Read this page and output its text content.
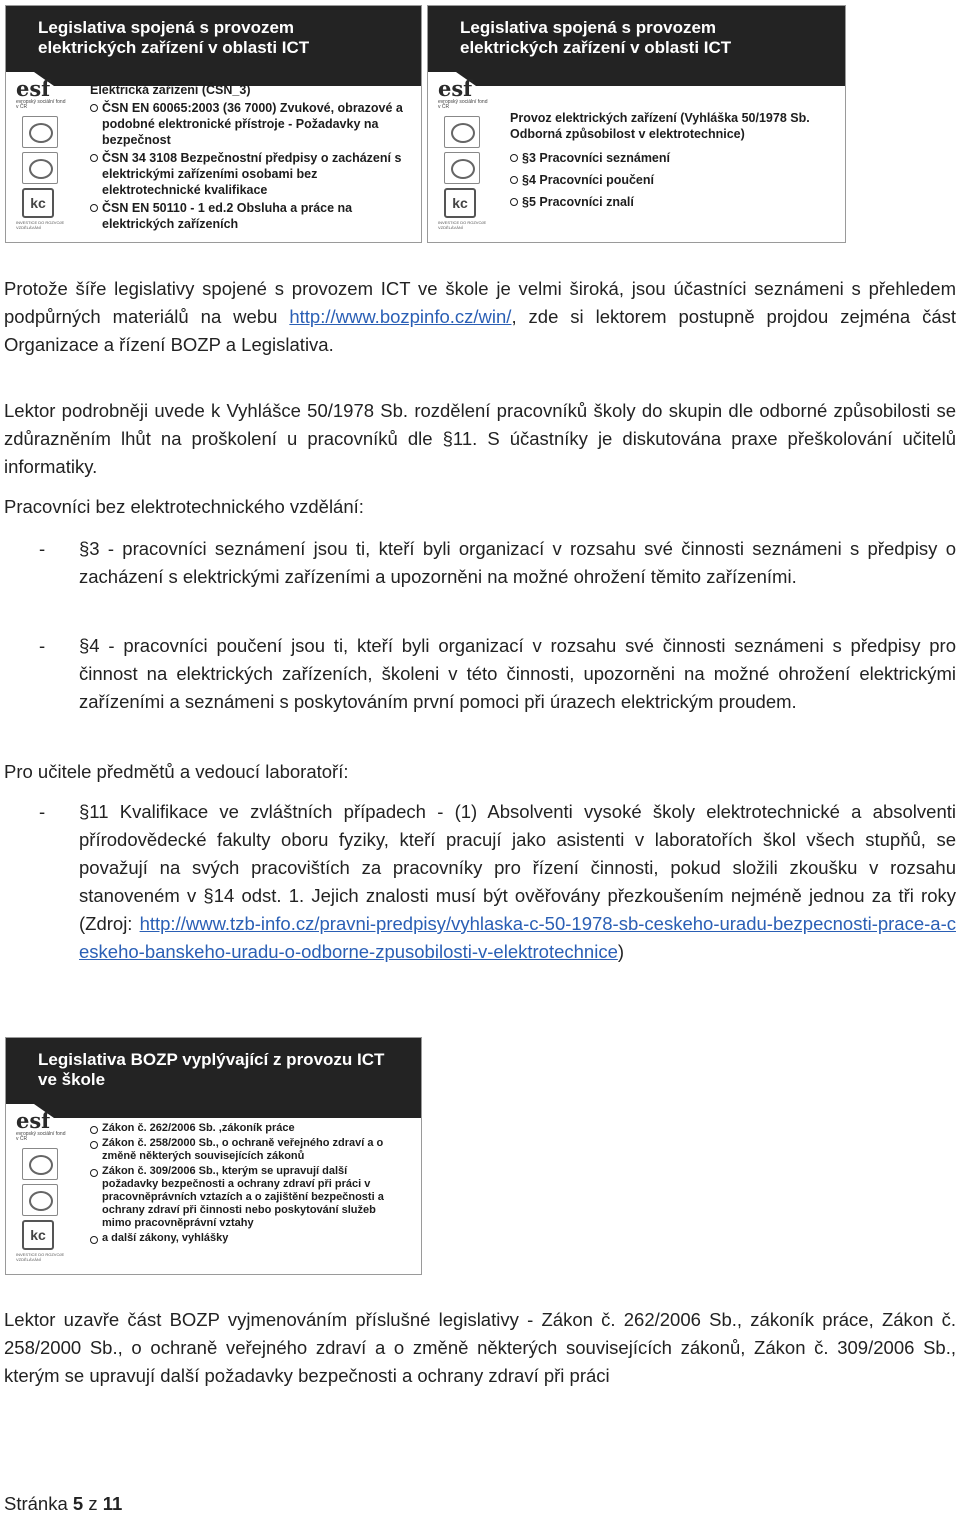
Legislativa spojená s provozem elektrických zařízení v oblasti ICT
esf
evropský sociální fond v ČR
kc
INVESTICE DO ROZVOJE VZDĚLÁVÁNÍ
Elektrická zařízení (ČSN_3)
ČSN EN 60065:2003 (36 7000) Zvukové, obrazové a podobné elektronické přístroje - Požadavky na bezpečnost
ČSN 34 3108 Bezpečnostní předpisy o zacházení s elektrickými zařízeními osobami bez elektrotechnické kvalifikace
ČSN EN 50110 - 1 ed.2 Obsluha a práce na elektrických zařízeních
Legislativa spojená s provozem elektrických zařízení v oblasti ICT
esf
evropský sociální fond v ČR
kc
INVESTICE DO ROZVOJE VZDĚLÁVÁNÍ
Provoz elektrických zařízení (Vyhláška 50/1978 Sb. Odborná způsobilost v elektrotechnice)
§3 Pracovníci seznámení
§4 Pracovníci poučení
§5 Pracovníci znalí

Protože šíře legislativy spojené s provozem ICT ve škole je velmi široká, jsou účastníci seznámeni s přehledem podpůrných materiálů na webu http://www.bozpinfo.cz/win/, zde si lektorem postupně projdou zejména část Organizace a řízení BOZP a Legislativa.

Lektor podrobněji uvede k Vyhlášce 50/1978 Sb. rozdělení pracovníků školy do skupin dle odborné způsobilosti se zdůrazněním lhůt na proškolení u pracovníků dle §11. S účastníky je diskutována praxe přeškolování učitelů informatiky.

Pracovníci bez elektrotechnického vzdělání:

- §3 - pracovníci seznámení jsou ti, kteří byli organizací v rozsahu své činnosti seznámeni s předpisy o zacházení s elektrickými zařízeními a upozorněni na možné ohrožení těmito zařízeními.
- §4 - pracovníci poučení jsou ti, kteří byli organizací v rozsahu své činnosti seznámeni s předpisy pro činnost na elektrických zařízeních, školeni v této činnosti, upozorněni na možné ohrožení elektrickými zařízeními a seznámeni s poskytováním první pomoci při úrazech elektrickým proudem.

Pro učitele předmětů a vedoucí laboratoří:

- §11 Kvalifikace ve zvláštních případech - (1) Absolventi vysoké školy elektrotechnické a absolventi přírodovědecké fakulty oboru fyziky, kteří pracují jako asistenti v laboratořích škol všech stupňů, se považují na svých pracovištích za pracovníky pro řízení činnosti, pokud složili zkoušku v rozsahu stanoveném v §14 odst. 1. Jejich znalosti musí být ověřovány přezkoušením nejméně jednou za tři roky (Zdroj: http://www.tzb-info.cz/pravni-predpisy/vyhlaska-c-50-1978-sb-ceskeho-uradu-bezpecnosti-prace-a-ceskeho-banskeho-uradu-o-odborne-zpusobilosti-v-elektrotechnice)
Legislativa BOZP vyplývající z provozu ICT ve škole
esf
evropský sociální fond v ČR
kc
INVESTICE DO ROZVOJE VZDĚLÁVÁNÍ
Zákon č. 262/2006 Sb. ,zákoník práce
Zákon č. 258/2000 Sb., o ochraně veřejného zdraví a o změně některých souvisejících zákonů
Zákon č. 309/2006 Sb., kterým se upravují další požadavky bezpečnosti a ochrany zdraví při práci v pracovněprávních vztazích a o zajištění bezpečnosti a ochrany zdraví při činnosti nebo poskytování služeb mimo pracovněprávní vztahy
a další zákony, vyhlášky

Lektor uzavře část BOZP vyjmenováním příslušné legislativy - Zákon č. 262/2006 Sb., zákoník práce, Zákon č. 258/2000 Sb., o ochraně veřejného zdraví a o změně některých souvisejících zákonů, Zákon č. 309/2006 Sb., kterým se upravují další požadavky bezpečnosti a ochrany zdraví při práci

Stránka 5 z 11
